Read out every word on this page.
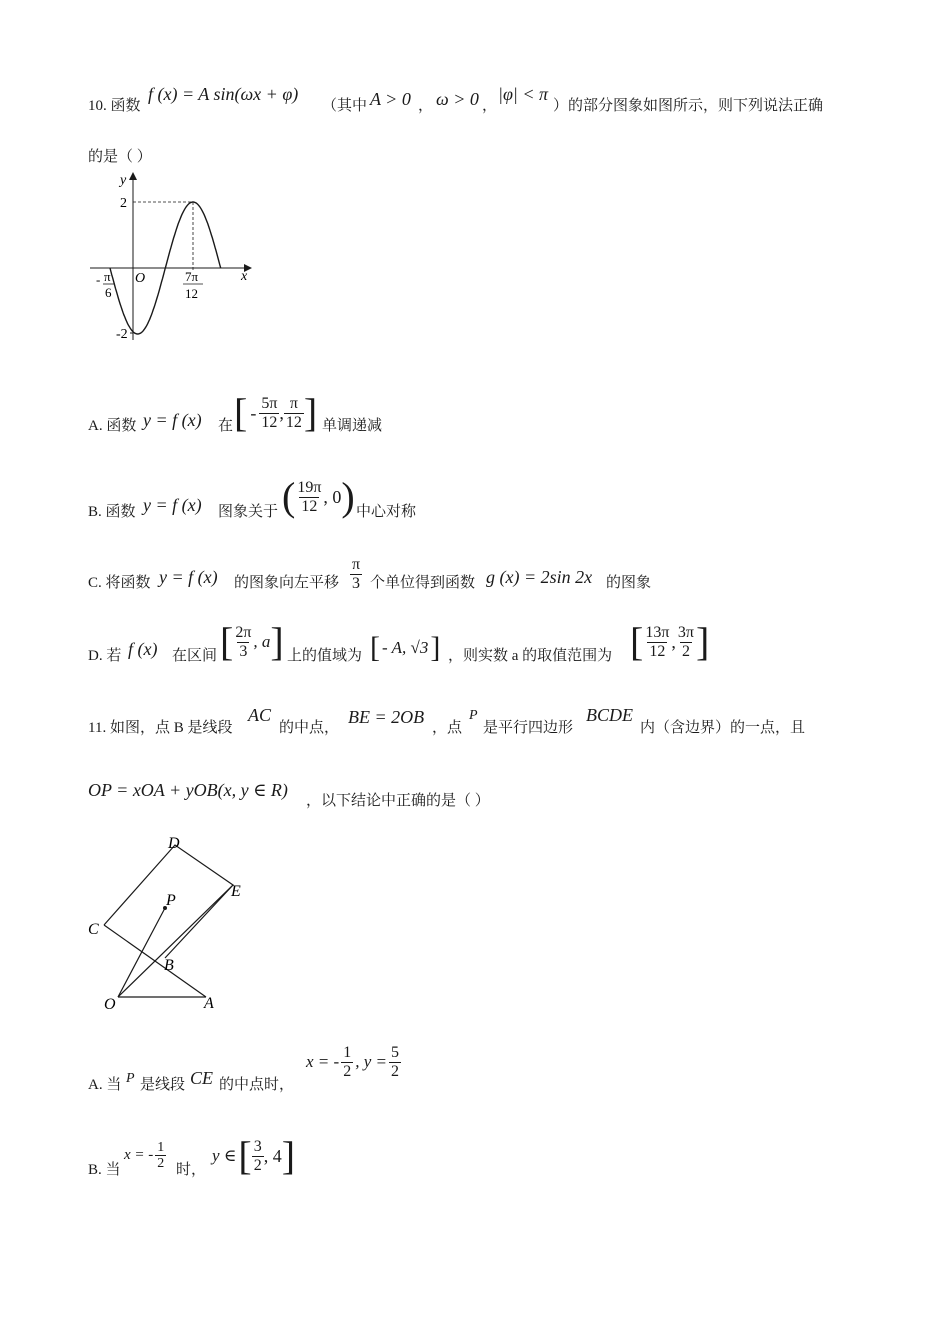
10. 函数
f (x) = A sin(ωx + φ)
（其中 A > 0 ， ω > 0 ，
|φ| < π
）的部分图象如图所示，则下列说法正确
的是（ ）
y
x
O
2
-2
- π
6
7π
12
A. 函数 y = f (x) 在 [ - $\frac{5\pi}{12}$ , $\frac{\pi}{12}$ ] 单调递减
B. 函数 y = f (x) 图象关于 ( $\frac{19\pi}{12}$ , 0 ) 中心对称
C. 将函数 y = f (x) 的图象向左平移 $\frac{\pi}{3}$ 个单位得到函数 g (x) = 2sin 2x 的图象
D. 若 f (x) 在区间 [ $\frac{2\pi}{3}$ , a ] 上的值域为 [ - A, √3 ] ，则实数 a 的取值范围为 [ $\frac{13\pi}{12}$ , $\frac{3\pi}{2}$ ]
11. 如图，点 B 是线段
AC
的中点，
BE = 2OB
，点
P
是平行四边形
BCDE
内（含边界）的一点，且
OP = xOA + yOB(x, y ∈ R)
，以下结论中正确的是（ ）
D
E
C
P
B
O	A
A. 当 P 是线段 CE 的中点时，
x = - $\frac{1}{2}$ , $y = \frac{5}{2}$
B. 当
x = - $\frac{1}{2}$ 时，
y ∈ [ $\frac{3}{2}$ , 4 ]
